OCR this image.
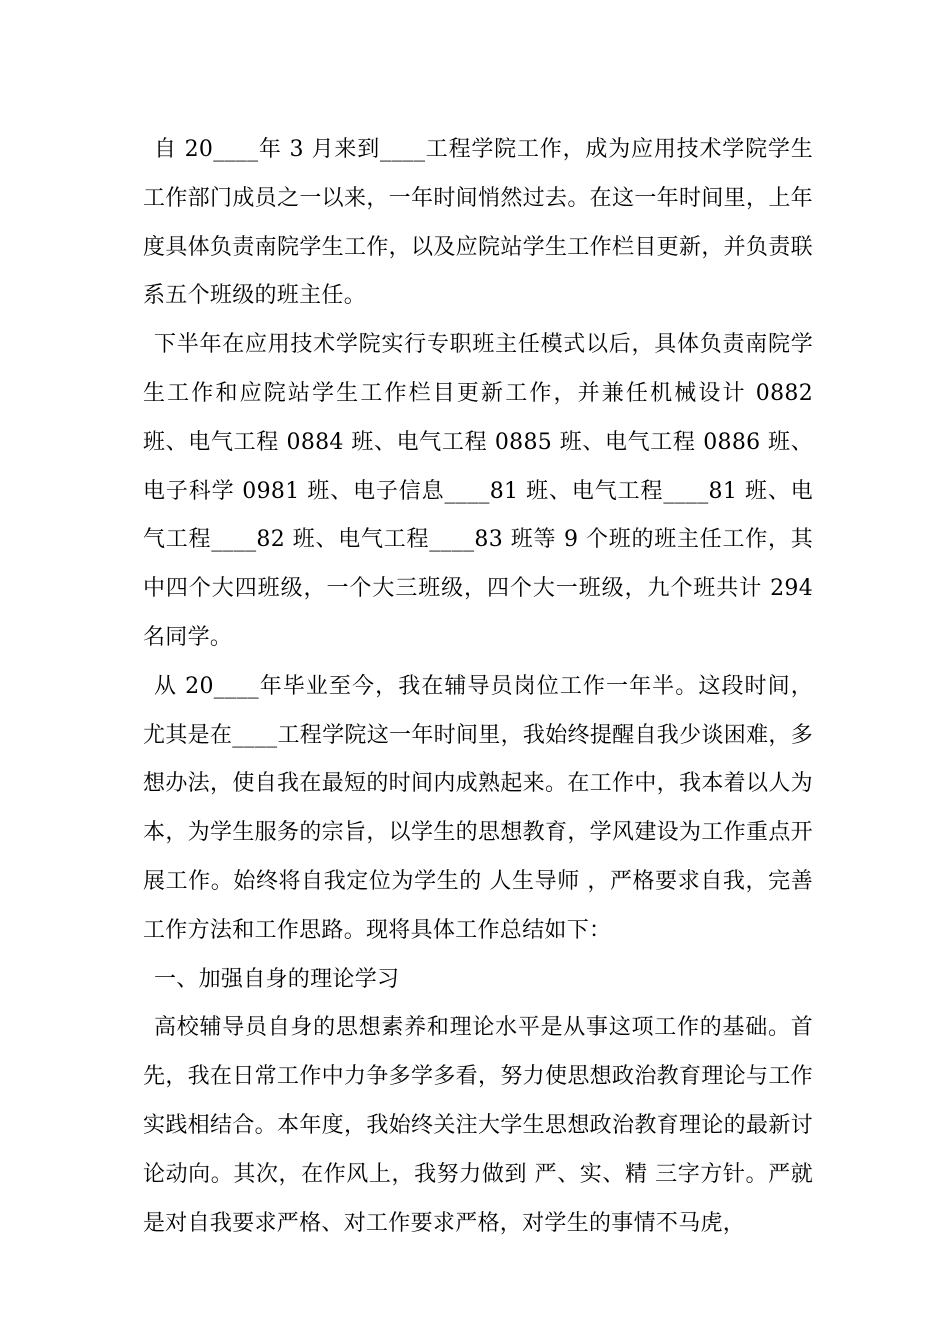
自 20____年 3 月来到____工程学院工作，成为应用技术学院学生工作部门成员之一以来，一年时间悄然过去。在这一年时间里，上年度具体负责南院学生工作，以及应院站学生工作栏目更新，并负责联系五个班级的班主任。

下半年在应用技术学院实行专职班主任模式以后，具体负责南院学生工作和应院站学生工作栏目更新工作，并兼任机械设计 0882 班、电气工程 0884 班、电气工程 0885 班、电气工程 0886 班、电子科学 0981 班、电子信息____81 班、电气工程____81 班、电气工程____82 班、电气工程____83 班等 9 个班的班主任工作，其中四个大四班级，一个大三班级，四个大一班级，九个班共计 294 名同学。

从 20____年毕业至今，我在辅导员岗位工作一年半。这段时间，尤其是在____工程学院这一年时间里，我始终提醒自我少谈困难，多想办法，使自我在最短的时间内成熟起来。在工作中，我本着以人为本，为学生服务的宗旨，以学生的思想教育，学风建设为工作重点开展工作。始终将自我定位为学生的 人生导师 ，严格要求自我，完善工作方法和工作思路。现将具体工作总结如下：

一、加强自身的理论学习

高校辅导员自身的思想素养和理论水平是从事这项工作的基础。首先，我在日常工作中力争多学多看，努力使思想政治教育理论与工作实践相结合。本年度，我始终关注大学生思想政治教育理论的最新讨论动向。其次，在作风上，我努力做到 严、实、精 三字方针。严就是对自我要求严格、对工作要求严格，对学生的事情不马虎，
